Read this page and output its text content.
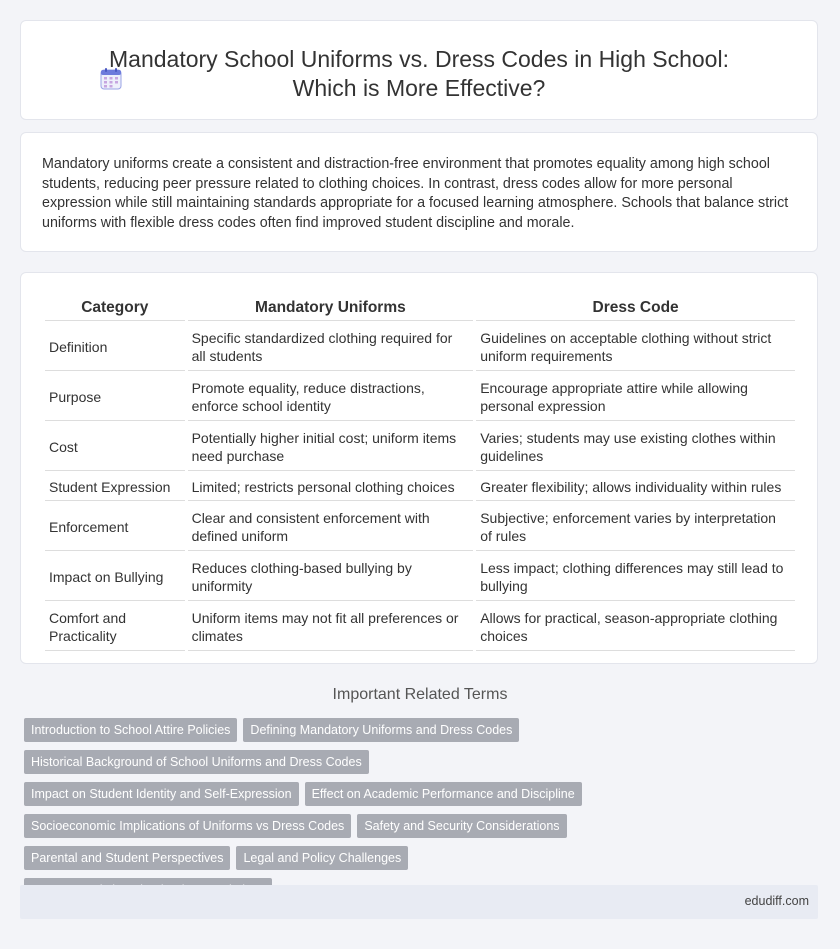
Mandatory School Uniforms vs. Dress Codes in High School:
Which is More Effective?

Mandatory uniforms create a consistent and distraction-free environment that promotes equality among high school students, reducing peer pressure related to clothing choices. In contrast, dress codes allow for more personal expression while still maintaining standards appropriate for a focused learning atmosphere. Schools that balance strict uniforms with flexible dress codes often find improved student discipline and morale.

Category	Mandatory Uniforms	Dress Code
Definition	Specific standardized clothing required for all students	Guidelines on acceptable clothing without strict uniform requirements
Purpose	Promote equality, reduce distractions, enforce school identity	Encourage appropriate attire while allowing personal expression
Cost	Potentially higher initial cost; uniform items need purchase	Varies; students may use existing clothes within guidelines
Student Expression	Limited; restricts personal clothing choices	Greater flexibility; allows individuality within rules
Enforcement	Clear and consistent enforcement with defined uniform	Subjective; enforcement varies by interpretation of rules
Impact on Bullying	Reduces clothing-based bullying by uniformity	Less impact; clothing differences may still lead to bullying
Comfort and Practicality	Uniform items may not fit all preferences or climates	Allows for practical, season-appropriate clothing choices
Important Related Terms
Introduction to School Attire Policies	Defining Mandatory Uniforms and Dress Codes
Historical Background of School Uniforms and Dress Codes
Impact on Student Identity and Self-Expression	Effect on Academic Performance and Discipline
Socioeconomic Implications of Uniforms vs Dress Codes	Safety and Security Considerations
Parental and Student Perspectives	Legal and Policy Challenges
edudiff.com
